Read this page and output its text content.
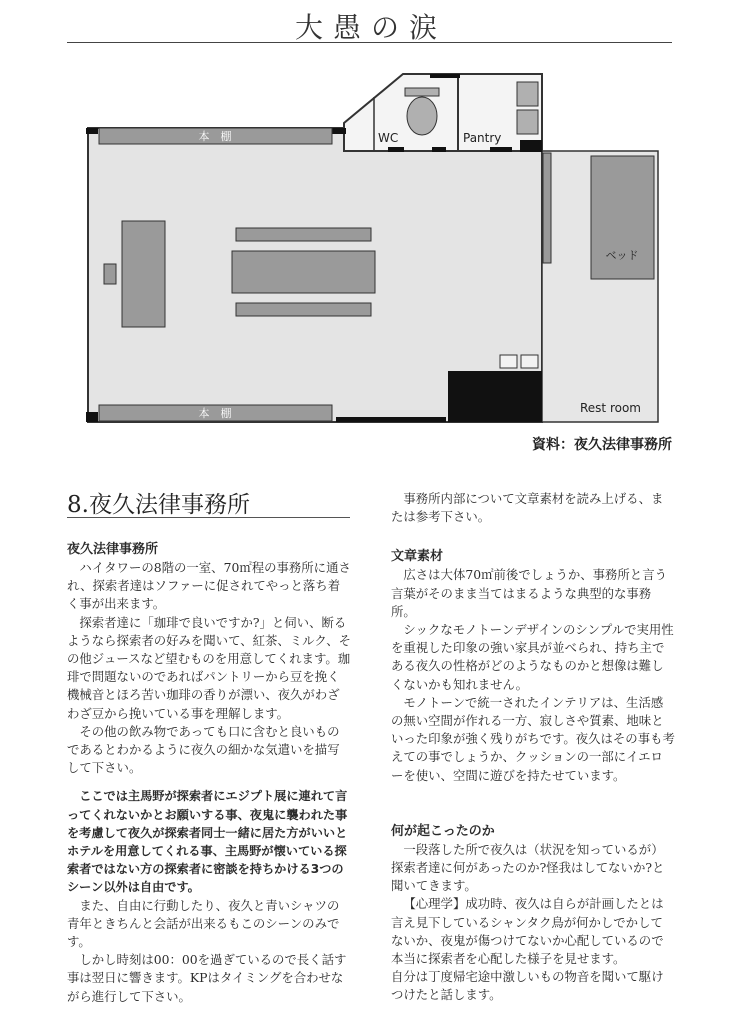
大愚の涙
本　棚
本　棚
WC	Pantry
ベッド
Rest room
資料：夜久法律事務所
8.夜久法律事務所
夜久法律事務所

ハイタワーの8階の一室、70㎡程の事務所に通され、探索者達はソファーに促されてやっと落ち着く事が出来ます。

探索者達に「珈琲で良いですか?」と伺い、断るようなら探索者の好みを聞いて、紅茶、ミルク、その他ジュースなど望むものを用意してくれます。珈琲で問題ないのであればパントリーから豆を挽く機械音とほろ苦い珈琲の香りが漂い、夜久がわざわざ豆から挽いている事を理解します。

その他の飲み物であっても口に含むと良いものであるとわかるように夜久の細かな気遣いを描写して下さい。

ここでは主馬野が探索者にエジプト展に連れて言ってくれないかとお願いする事、夜鬼に襲われた事を考慮して夜久が探索者同士一緒に居た方がいいとホテルを用意してくれる事、主馬野が懐いている探索者ではない方の探索者に密談を持ちかける3つのシーン以外は自由です。

また、自由に行動したり、夜久と青いシャツの青年ときちんと会話が出来るもこのシーンのみです。

しかし時刻は00：00を過ぎているので長く話す事は翌日に響きます。KPはタイミングを合わせながら進行して下さい。

事務所内部について文章素材を読み上げる、または参考下さい。

文章素材

広さは大体70㎡前後でしょうか、事務所と言う言葉がそのまま当てはまるような典型的な事務所。

シックなモノトーンデザインのシンプルで実用性を重視した印象の強い家具が並べられ、持ち主である夜久の性格がどのようなものかと想像は難しくないかも知れません。

モノトーンで統一されたインテリアは、生活感の無い空間が作れる一方、寂しさや質素、地味といった印象が強く残りがちです。夜久はその事も考えての事でしょうか、クッションの一部にイエローを使い、空間に遊びを持たせています。

何が起こったのか

一段落した所で夜久は（状況を知っているが）探索者達に何があったのか?怪我はしてないか?と聞いてきます。

【心理学】成功時、夜久は自らが計画したとは言え見下しているシャンタク鳥が何かしでかしてないか、夜鬼が傷つけてないか心配しているので本当に探索者を心配した様子を見せます。

自分は丁度帰宅途中激しいもの物音を聞いて駆けつけたと話します。
